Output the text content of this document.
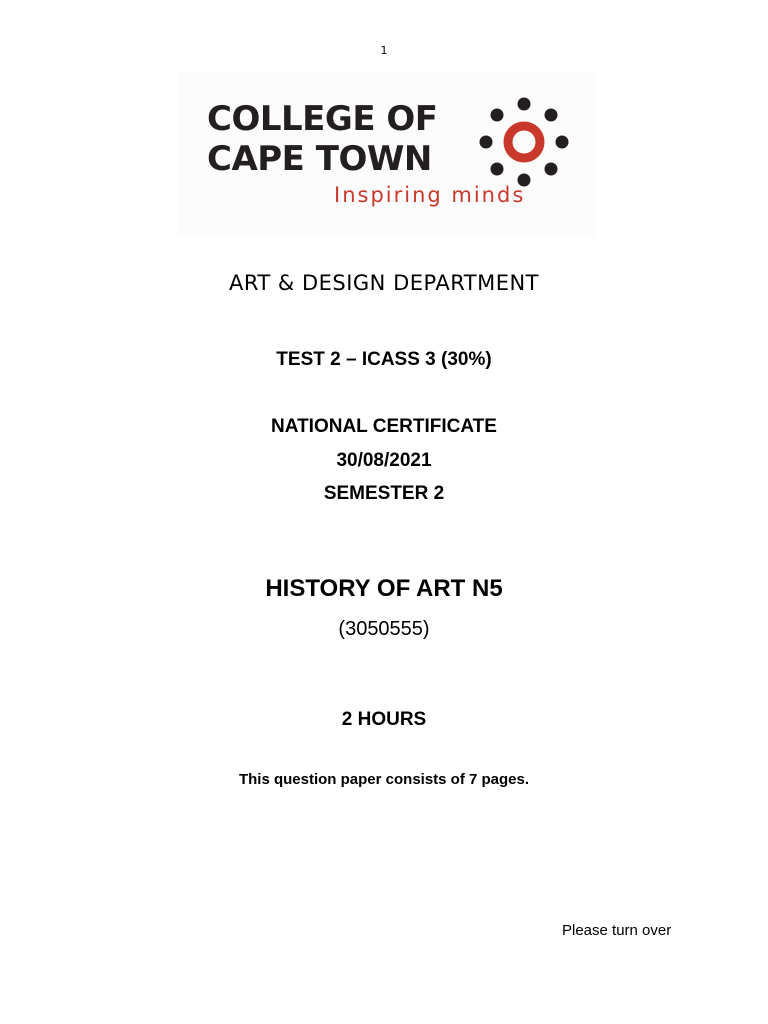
1
COLLEGE OF
CAPE TOWN
Inspiring minds
ART & DESIGN DEPARTMENT
TEST 2 – ICASS 3 (30%)
NATIONAL CERTIFICATE
30/08/2021
SEMESTER 2
HISTORY OF ART N5
(3050555)
2 HOURS
This question paper consists of 7 pages.
Please turn over
